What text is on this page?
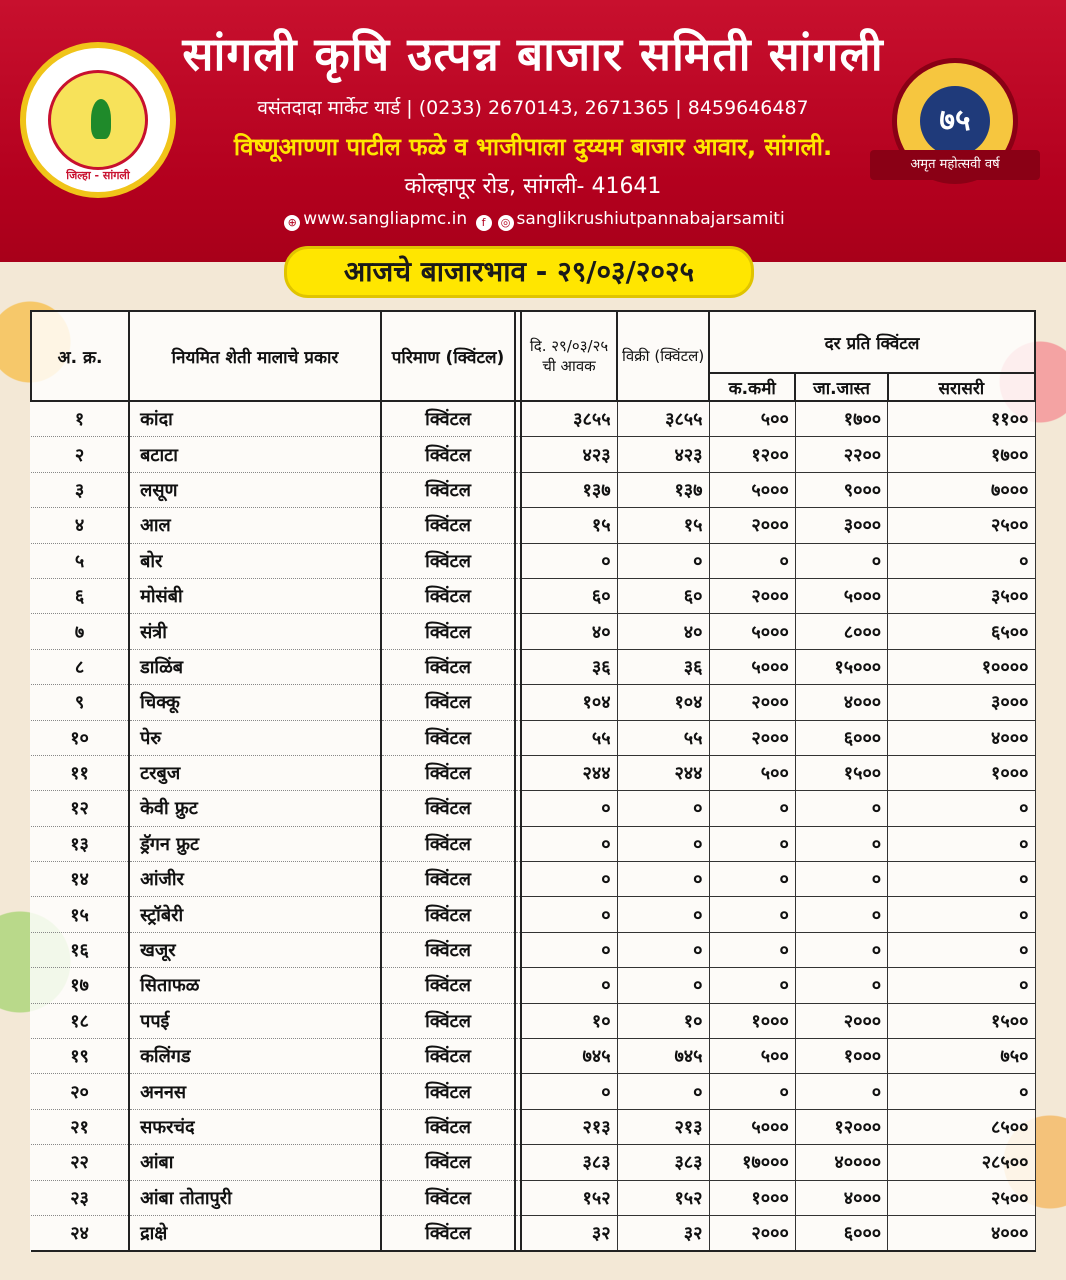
जिल्हा - सांगली
सांगली कृषि उत्पन्न बाजार समिती सांगली
वसंतदादा मार्केट यार्ड | (0233) 2670143, 2671365 | 8459646487
विष्णूआण्णा पाटील फळे व भाजीपाला दुय्यम बाजार आवार, सांगली.
कोल्हापूर रोड, सांगली- 41641
⊕ www.sangliapmc.in f ◎ sanglikrushiutpannabajarsamiti
७५
अमृत महोत्सवी वर्ष
आजचे बाजारभाव - २९/०३/२०२५
अ. क्र.	नियमित शेती मालाचे प्रकार	परिमाण (क्विंटल)		दि. २९/०३/२५ ची आवक	विक्री (क्विंटल)	दर प्रति क्विंटल		
						क.कमी	जा.जास्त	सरासरी
१	कांदा	क्विंटल		३८५५	३८५५	५००	१७००	११००
२	बटाटा	क्विंटल		४२३	४२३	१२००	२२००	१७००
३	लसूण	क्विंटल		१३७	१३७	५०००	९०००	७०००
४	आल	क्विंटल		१५	१५	२०००	३०००	२५००
५	बोर	क्विंटल		०	०	०	०	०
६	मोसंबी	क्विंटल		६०	६०	२०००	५०००	३५००
७	संत्री	क्विंटल		४०	४०	५०००	८०००	६५००
८	डाळिंब	क्विंटल		३६	३६	५०००	१५०००	१००००
९	चिक्कू	क्विंटल		१०४	१०४	२०००	४०००	३०००
१०	पेरु	क्विंटल		५५	५५	२०००	६०००	४०००
११	टरबुज	क्विंटल		२४४	२४४	५००	१५००	१०००
१२	केवी फ्रुट	क्विंटल		०	०	०	०	०
१३	ड्रॅगन फ्रुट	क्विंटल		०	०	०	०	०
१४	आंजीर	क्विंटल		०	०	०	०	०
१५	स्ट्रॉबेरी	क्विंटल		०	०	०	०	०
१६	खजूर	क्विंटल		०	०	०	०	०
१७	सिताफळ	क्विंटल		०	०	०	०	०
१८	पपई	क्विंटल		१०	१०	१०००	२०००	१५००
१९	कलिंगड	क्विंटल		७४५	७४५	५००	१०००	७५०
२०	अननस	क्विंटल		०	०	०	०	०
२१	सफरचंद	क्विंटल		२१३	२१३	५०००	१२०००	८५००
२२	आंबा	क्विंटल		३८३	३८३	१७०००	४००००	२८५००
२३	आंबा तोतापुरी	क्विंटल		१५२	१५२	१०००	४०००	२५००
२४	द्राक्षे	क्विंटल		३२	३२	२०००	६०००	४०००
